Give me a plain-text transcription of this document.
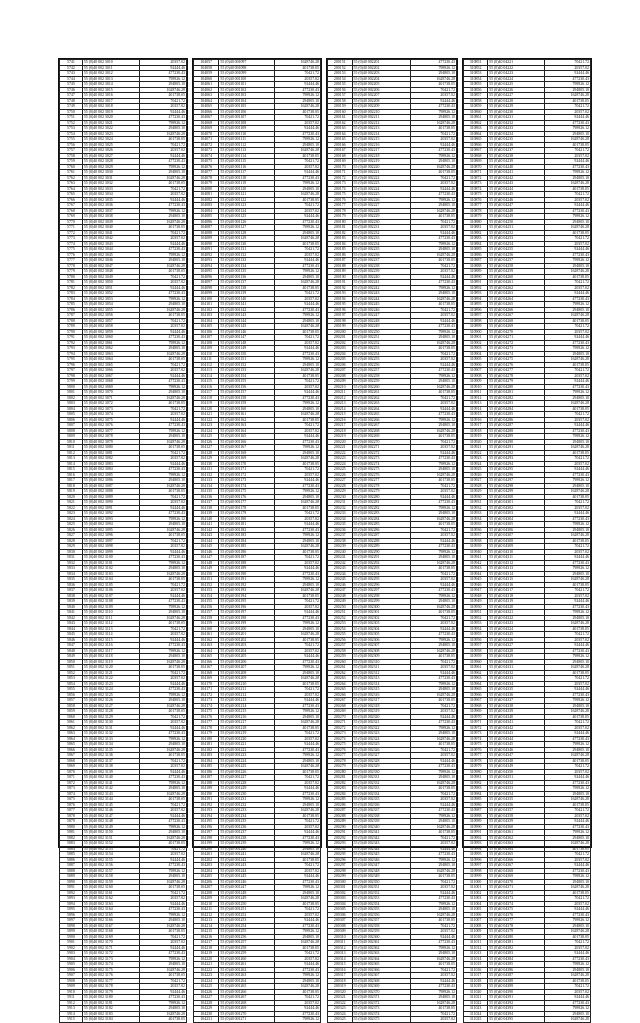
5741	55 (0)40 002 3010	20357.02
5742	55 (0)40 002 3011	92444.46
5743	55 (0)40 002 3012	477230.43
5744	55 (0)40 002 3013	798926.12
5745	55 (0)40 002 3014	294805.10
5746	55 (0)40 002 3015	1628746.28
5747	55 (0)40 002 3016	401738.05
5748	55 (0)40 002 3017	70421.72
5749	55 (0)40 002 3018	20357.02
5750	55 (0)40 002 3019	92444.46
5751	55 (0)40 002 3020	477230.43
5752	55 (0)40 002 3021	798926.12
5753	55 (0)40 002 3022	294805.10
5754	55 (0)40 002 3023	1628746.28
5755	55 (0)40 002 3024	401738.05
5756	55 (0)40 002 3025	70421.72
5757	55 (0)40 002 3026	20357.02
5758	55 (0)40 002 3027	92444.46
5759	55 (0)40 002 3028	477230.43
5760	55 (0)40 002 3029	798926.12
5761	55 (0)40 002 3030	294805.10
5762	55 (0)40 002 3031	1628746.28
5763	55 (0)40 002 3032	401738.05
5764	55 (0)40 002 3033	70421.72
5765	55 (0)40 002 3034	20357.02
5766	55 (0)40 002 3035	92444.46
5767	55 (0)40 002 3036	477230.43
5768	55 (0)40 002 3037	798926.12
5769	55 (0)40 002 3038	294805.10
5770	55 (0)40 002 3039	1628746.28
5771	55 (0)40 002 3040	401738.05
5772	55 (0)40 002 3041	70421.72
5773	55 (0)40 002 3042	20357.02
5774	55 (0)40 002 3043	92444.46
5775	55 (0)40 002 3044	477230.43
5776	55 (0)40 002 3045	798926.12
5777	55 (0)40 002 3046	294805.10
5778	55 (0)40 002 3047	1628746.28
5779	55 (0)40 002 3048	401738.05
5780	55 (0)40 002 3049	70421.72
5781	55 (0)40 002 3050	20357.02
5782	55 (0)40 002 3051	92444.46
5783	55 (0)40 002 3052	477230.43
5784	55 (0)40 002 3053	798926.12
5785	55 (0)40 002 3054	294805.10
5786	55 (0)40 002 3055	1628746.28
5787	55 (0)40 002 3056	401738.05
5788	55 (0)40 002 3057	70421.72
5789	55 (0)40 002 3058	20357.02
5790	55 (0)40 002 3059	92444.46
5791	55 (0)40 002 3060	477230.43
5792	55 (0)40 002 3061	798926.12
5793	55 (0)40 002 3062	294805.10
5794	55 (0)40 002 3063	1628746.28
5795	55 (0)40 002 3064	401738.05
5796	55 (0)40 002 3065	70421.72
5797	55 (0)40 002 3066	20357.02
5798	55 (0)40 002 3067	92444.46
5799	55 (0)40 002 3068	477230.43
5800	55 (0)40 002 3069	798926.12
5801	55 (0)40 002 3070	294805.10
5802	55 (0)40 002 3071	1628746.28
5803	55 (0)40 002 3072	401738.05
5804	55 (0)40 002 3073	70421.72
5805	55 (0)40 002 3074	20357.02
5806	55 (0)40 002 3075	92444.46
5807	55 (0)40 002 3076	477230.43
5808	55 (0)40 002 3077	798926.12
5809	55 (0)40 002 3078	294805.10
5810	55 (0)40 002 3079	1628746.28
5811	55 (0)40 002 3080	401738.05
5812	55 (0)40 002 3081	70421.72
5813	55 (0)40 002 3082	20357.02
5814	55 (0)40 002 3083	92444.46
5815	55 (0)40 002 3084	477230.43
5816	55 (0)40 002 3085	798926.12
5817	55 (0)40 002 3086	294805.10
5818	55 (0)40 002 3087	1628746.28
5819	55 (0)40 002 3088	401738.05
5820	55 (0)40 002 3089	70421.72
5821	55 (0)40 002 3090	20357.02
5822	55 (0)40 002 3091	92444.46
5823	55 (0)40 002 3092	477230.43
5824	55 (0)40 002 3093	798926.12
5825	55 (0)40 002 3094	294805.10
5826	55 (0)40 002 3095	1628746.28
5827	55 (0)40 002 3096	401738.05
5828	55 (0)40 002 3097	70421.72
5829	55 (0)40 002 3098	20357.02
5830	55 (0)40 002 3099	92444.46
5831	55 (0)40 002 3100	477230.43
5832	55 (0)40 002 3101	798926.12
5833	55 (0)40 002 3102	294805.10
5834	55 (0)40 002 3103	1628746.28
5835	55 (0)40 002 3104	401738.05
5836	55 (0)40 002 3105	70421.72
5837	55 (0)40 002 3106	20357.02
5838	55 (0)40 002 3107	92444.46
5839	55 (0)40 002 3108	477230.43
5840	55 (0)40 002 3109	798926.12
5841	55 (0)40 002 3110	294805.10
5842	55 (0)40 002 3111	1628746.28
5843	55 (0)40 002 3112	401738.05
5844	55 (0)40 002 3113	70421.72
5845	55 (0)40 002 3114	20357.02
5846	55 (0)40 002 3115	92444.46
5847	55 (0)40 002 3116	477230.43
5848	55 (0)40 002 3117	798926.12
5849	55 (0)40 002 3118	294805.10
5850	55 (0)40 002 3119	1628746.28
5851	55 (0)40 002 3120	401738.05
5852	55 (0)40 002 3121	70421.72
5853	55 (0)40 002 3122	20357.02
5854	55 (0)40 002 3123	92444.46
5855	55 (0)40 002 3124	477230.43
5856	55 (0)40 002 3125	798926.12
5857	55 (0)40 002 3126	294805.10
5858	55 (0)40 002 3127	1628746.28
5859	55 (0)40 002 3128	401738.05
5860	55 (0)40 002 3129	70421.72
5861	55 (0)40 002 3130	20357.02
5862	55 (0)40 002 3131	92444.46
5863	55 (0)40 002 3132	477230.43
5864	55 (0)40 002 3133	798926.12
5865	55 (0)40 002 3134	294805.10
5866	55 (0)40 002 3135	1628746.28
5867	55 (0)40 002 3136	401738.05
5868	55 (0)40 002 3137	70421.72
5869	55 (0)40 002 3138	20357.02
5870	55 (0)40 002 3139	92444.46
5871	55 (0)40 002 3140	477230.43
5872	55 (0)40 002 3141	798926.12
5873	55 (0)40 002 3142	294805.10
5874	55 (0)40 002 3143	1628746.28
5875	55 (0)40 002 3144	401738.05
5876	55 (0)40 002 3145	70421.72
5877	55 (0)40 002 3146	20357.02
5878	55 (0)40 002 3147	92444.46
5879	55 (0)40 002 3148	477230.43
5880	55 (0)40 002 3149	798926.12
5881	55 (0)40 002 3150	294805.10
5882	55 (0)40 002 3151	1628746.28
5883	55 (0)40 002 3152	401738.05
5884	55 (0)40 002 3153	70421.72
5885	55 (0)40 002 3154	20357.02
5886	55 (0)40 002 3155	92444.46
5887	55 (0)40 002 3156	477230.43
5888	55 (0)40 002 3157	798926.12
5889	55 (0)40 002 3158	294805.10
5890	55 (0)40 002 3159	1628746.28
5891	55 (0)40 002 3160	401738.05
5892	55 (0)40 002 3161	70421.72
5893	55 (0)40 002 3162	20357.02
5894	55 (0)40 002 3163	92444.46
5895	55 (0)40 002 3164	477230.43
5896	55 (0)40 002 3165	798926.12
5897	55 (0)40 002 3166	294805.10
5898	55 (0)40 002 3167	1628746.28
5899	55 (0)40 002 3168	401738.05
5900	55 (0)40 002 3169	70421.72
5901	55 (0)40 002 3170	20357.02
5902	55 (0)40 002 3171	92444.46
5903	55 (0)40 002 3172	477230.43
5904	55 (0)40 002 3173	798926.12
5905	55 (0)40 002 3174	294805.10
5906	55 (0)40 002 3175	1628746.28
5907	55 (0)40 002 3176	401738.05
5908	55 (0)40 002 3177	70421.72
5909	55 (0)40 002 3178	20357.02
5910	55 (0)40 002 3179	92444.46
5911	55 (0)40 002 3180	477230.43
5912	55 (0)40 002 3181	798926.12
5913	55 (0)40 002 3182	294805.10
5914	55 (0)40 002 3183	1628746.28
5915	55 (0)40 002 3184	401738.05
104057	55 (0)40 001097	1628746.28
104058	55 (0)40 001098	401738.05
104059	55 (0)40 001099	70421.72
104060	55 (0)40 001100	20357.02
104061	55 (0)40 001101	92444.46
104062	55 (0)40 001102	477230.43
104063	55 (0)40 001103	798926.12
104064	55 (0)40 001104	294805.10
104065	55 (0)40 001105	1628746.28
104066	55 (0)40 001106	401738.05
104067	55 (0)40 001107	70421.72
104068	55 (0)40 001108	20357.02
104069	55 (0)40 001109	92444.46
104070	55 (0)40 001110	477230.43
104071	55 (0)40 001111	798926.12
104072	55 (0)40 001112	294805.10
104073	55 (0)40 001113	1628746.28
104074	55 (0)40 001114	401738.05
104075	55 (0)40 001115	70421.72
104076	55 (0)40 001116	20357.02
104077	55 (0)40 001117	92444.46
104078	55 (0)40 001118	477230.43
104079	55 (0)40 001119	798926.12
104080	55 (0)40 001120	294805.10
104081	55 (0)40 001121	1628746.28
104082	55 (0)40 001122	401738.05
104083	55 (0)40 001123	70421.72
104084	55 (0)40 001124	20357.02
104085	55 (0)40 001125	92444.46
104086	55 (0)40 001126	477230.43
104087	55 (0)40 001127	798926.12
104088	55 (0)40 001128	294805.10
104089	55 (0)40 001129	1628746.28
104090	55 (0)40 001130	401738.05
104091	55 (0)40 001131	70421.72
104092	55 (0)40 001132	20357.02
104093	55 (0)40 001133	92444.46
104094	55 (0)40 001134	477230.43
104095	55 (0)40 001135	798926.12
104096	55 (0)40 001136	294805.10
104097	55 (0)40 001137	1628746.28
104098	55 (0)40 001138	401738.05
104099	55 (0)40 001139	70421.72
104100	55 (0)40 001140	20357.02
104101	55 (0)40 001141	92444.46
104102	55 (0)40 001142	477230.43
104103	55 (0)40 001143	798926.12
104104	55 (0)40 001144	294805.10
104105	55 (0)40 001145	1628746.28
104106	55 (0)40 001146	401738.05
104107	55 (0)40 001147	70421.72
104108	55 (0)40 001148	20357.02
104109	55 (0)40 001149	92444.46
104110	55 (0)40 001150	477230.43
104111	55 (0)40 001151	798926.12
104112	55 (0)40 001152	294805.10
104113	55 (0)40 001153	1628746.28
104114	55 (0)40 001154	401738.05
104115	55 (0)40 001155	70421.72
104116	55 (0)40 001156	20357.02
104117	55 (0)40 001157	92444.46
104118	55 (0)40 001158	477230.43
104119	55 (0)40 001159	798926.12
104120	55 (0)40 001160	294805.10
104121	55 (0)40 001161	1628746.28
104122	55 (0)40 001162	401738.05
104123	55 (0)40 001163	70421.72
104124	55 (0)40 001164	20357.02
104125	55 (0)40 001165	92444.46
104126	55 (0)40 001166	477230.43
104127	55 (0)40 001167	798926.12
104128	55 (0)40 001168	294805.10
104129	55 (0)40 001169	1628746.28
104130	55 (0)40 001170	401738.05
104131	55 (0)40 001171	70421.72
104132	55 (0)40 001172	20357.02
104133	55 (0)40 001173	92444.46
104134	55 (0)40 001174	477230.43
104135	55 (0)40 001175	798926.12
104136	55 (0)40 001176	294805.10
104137	55 (0)40 001177	1628746.28
104138	55 (0)40 001178	401738.05
104139	55 (0)40 001179	70421.72
104140	55 (0)40 001180	20357.02
104141	55 (0)40 001181	92444.46
104142	55 (0)40 001182	477230.43
104143	55 (0)40 001183	798926.12
104144	55 (0)40 001184	294805.10
104145	55 (0)40 001185	1628746.28
104146	55 (0)40 001186	401738.05
104147	55 (0)40 001187	70421.72
104148	55 (0)40 001188	20357.02
104149	55 (0)40 001189	92444.46
104150	55 (0)40 001190	477230.43
104151	55 (0)40 001191	798926.12
104152	55 (0)40 001192	294805.10
104153	55 (0)40 001193	1628746.28
104154	55 (0)40 001194	401738.05
104155	55 (0)40 001195	70421.72
104156	55 (0)40 001196	20357.02
104157	55 (0)40 001197	92444.46
104158	55 (0)40 001198	477230.43
104159	55 (0)40 001199	798926.12
104160	55 (0)40 001200	294805.10
104161	55 (0)40 001201	1628746.28
104162	55 (0)40 001202	401738.05
104163	55 (0)40 001203	70421.72
104164	55 (0)40 001204	20357.02
104165	55 (0)40 001205	92444.46
104166	55 (0)40 001206	477230.43
104167	55 (0)40 001207	798926.12
104168	55 (0)40 001208	294805.10
104169	55 (0)40 001209	1628746.28
104170	55 (0)40 001210	401738.05
104171	55 (0)40 001211	70421.72
104172	55 (0)40 001212	20357.02
104173	55 (0)40 001213	92444.46
104174	55 (0)40 001214	477230.43
104175	55 (0)40 001215	798926.12
104176	55 (0)40 001216	294805.10
104177	55 (0)40 001217	1628746.28
104178	55 (0)40 001218	401738.05
104179	55 (0)40 001219	70421.72
104180	55 (0)40 001220	20357.02
104181	55 (0)40 001221	92444.46
104182	55 (0)40 001222	477230.43
104183	55 (0)40 001223	798926.12
104184	55 (0)40 001224	294805.10
104185	55 (0)40 001225	1628746.28
104186	55 (0)40 001226	401738.05
104187	55 (0)40 001227	70421.72
104188	55 (0)40 001228	20357.02
104189	55 (0)40 001229	92444.46
104190	55 (0)40 001230	477230.43
104191	55 (0)40 001231	798926.12
104192	55 (0)40 001232	294805.10
104193	55 (0)40 001233	1628746.28
104194	55 (0)40 001234	401738.05
104195	55 (0)40 001235	70421.72
104196	55 (0)40 001236	20357.02
104197	55 (0)40 001237	92444.46
104198	55 (0)40 001238	477230.43
104199	55 (0)40 001239	798926.12
104200	55 (0)40 001240	294805.10
104201	55 (0)40 001241	1628746.28
104202	55 (0)40 001242	401738.05
104203	55 (0)40 001243	70421.72
104204	55 (0)40 001244	20357.02
104205	55 (0)40 001245	92444.46
104206	55 (0)40 001246	477230.43
104207	55 (0)40 001247	798926.12
104208	55 (0)40 001248	294805.10
104209	55 (0)40 001249	1628746.28
104210	55 (0)40 001250	401738.05
104211	55 (0)40 001251	70421.72
104212	55 (0)40 001252	20357.02
104213	55 (0)40 001253	92444.46
104214	55 (0)40 001254	477230.43
104215	55 (0)40 001255	798926.12
104216	55 (0)40 001256	294805.10
104217	55 (0)40 001257	1628746.28
104218	55 (0)40 001258	401738.05
104219	55 (0)40 001259	70421.72
104220	55 (0)40 001260	20357.02
104221	55 (0)40 001261	92444.46
104222	55 (0)40 001262	477230.43
104223	55 (0)40 001263	798926.12
104224	55 (0)40 001264	294805.10
104225	55 (0)40 001265	1628746.28
104226	55 (0)40 001266	401738.05
104227	55 (0)40 001267	70421.72
104228	55 (0)40 001268	20357.02
104229	55 (0)40 001269	92444.46
104230	55 (0)40 001270	477230.43
104231	55 (0)40 001271	798926.12
200151	55 (0)40 002201	477230.43
200152	55 (0)40 002202	798926.12
200153	55 (0)40 002203	294805.10
200154	55 (0)40 002204	1628746.28
200155	55 (0)40 002205	401738.05
200156	55 (0)40 002206	70421.72
200157	55 (0)40 002207	20357.02
200158	55 (0)40 002208	92444.46
200159	55 (0)40 002209	477230.43
200160	55 (0)40 002210	798926.12
200161	55 (0)40 002211	294805.10
200162	55 (0)40 002212	1628746.28
200163	55 (0)40 002213	401738.05
200164	55 (0)40 002214	70421.72
200165	55 (0)40 002215	20357.02
200166	55 (0)40 002216	92444.46
200167	55 (0)40 002217	477230.43
200168	55 (0)40 002218	798926.12
200169	55 (0)40 002219	294805.10
200170	55 (0)40 002220	1628746.28
200171	55 (0)40 002221	401738.05
200172	55 (0)40 002222	70421.72
200173	55 (0)40 002223	20357.02
200174	55 (0)40 002224	92444.46
200175	55 (0)40 002225	477230.43
200176	55 (0)40 002226	798926.12
200177	55 (0)40 002227	294805.10
200178	55 (0)40 002228	1628746.28
200179	55 (0)40 002229	401738.05
200180	55 (0)40 002230	70421.72
200181	55 (0)40 002231	20357.02
200182	55 (0)40 002232	92444.46
200183	55 (0)40 002233	477230.43
200184	55 (0)40 002234	798926.12
200185	55 (0)40 002235	294805.10
200186	55 (0)40 002236	1628746.28
200187	55 (0)40 002237	401738.05
200188	55 (0)40 002238	70421.72
200189	55 (0)40 002239	20357.02
200190	55 (0)40 002240	92444.46
200191	55 (0)40 002241	477230.43
200192	55 (0)40 002242	798926.12
200193	55 (0)40 002243	294805.10
200194	55 (0)40 002244	1628746.28
200195	55 (0)40 002245	401738.05
200196	55 (0)40 002246	70421.72
200197	55 (0)40 002247	20357.02
200198	55 (0)40 002248	92444.46
200199	55 (0)40 002249	477230.43
200200	55 (0)40 002250	798926.12
200201	55 (0)40 002251	294805.10
200202	55 (0)40 002252	1628746.28
200203	55 (0)40 002253	401738.05
200204	55 (0)40 002254	70421.72
200205	55 (0)40 002255	20357.02
200206	55 (0)40 002256	92444.46
200207	55 (0)40 002257	477230.43
200208	55 (0)40 002258	798926.12
200209	55 (0)40 002259	294805.10
200210	55 (0)40 002260	1628746.28
200211	55 (0)40 002261	401738.05
200212	55 (0)40 002262	70421.72
200213	55 (0)40 002263	20357.02
200214	55 (0)40 002264	92444.46
200215	55 (0)40 002265	477230.43
200216	55 (0)40 002266	798926.12
200217	55 (0)40 002267	294805.10
200218	55 (0)40 002268	1628746.28
200219	55 (0)40 002269	401738.05
200220	55 (0)40 002270	70421.72
200221	55 (0)40 002271	20357.02
200222	55 (0)40 002272	92444.46
200223	55 (0)40 002273	477230.43
200224	55 (0)40 002274	798926.12
200225	55 (0)40 002275	294805.10
200226	55 (0)40 002276	1628746.28
200227	55 (0)40 002277	401738.05
200228	55 (0)40 002278	70421.72
200229	55 (0)40 002279	20357.02
200230	55 (0)40 002280	92444.46
200231	55 (0)40 002281	477230.43
200232	55 (0)40 002282	798926.12
200233	55 (0)40 002283	294805.10
200234	55 (0)40 002284	1628746.28
200235	55 (0)40 002285	401738.05
200236	55 (0)40 002286	70421.72
200237	55 (0)40 002287	20357.02
200238	55 (0)40 002288	92444.46
200239	55 (0)40 002289	477230.43
200240	55 (0)40 002290	798926.12
200241	55 (0)40 002291	294805.10
200242	55 (0)40 002292	1628746.28
200243	55 (0)40 002293	401738.05
200244	55 (0)40 002294	70421.72
200245	55 (0)40 002295	20357.02
200246	55 (0)40 002296	92444.46
200247	55 (0)40 002297	477230.43
200248	55 (0)40 002298	798926.12
200249	55 (0)40 002299	294805.10
200250	55 (0)40 002300	1628746.28
200251	55 (0)40 002301	401738.05
200252	55 (0)40 002302	70421.72
200253	55 (0)40 002303	20357.02
200254	55 (0)40 002304	92444.46
200255	55 (0)40 002305	477230.43
200256	55 (0)40 002306	798926.12
200257	55 (0)40 002307	294805.10
200258	55 (0)40 002308	1628746.28
200259	55 (0)40 002309	401738.05
200260	55 (0)40 002310	70421.72
200261	55 (0)40 002311	20357.02
200262	55 (0)40 002312	92444.46
200263	55 (0)40 002313	477230.43
200264	55 (0)40 002314	798926.12
200265	55 (0)40 002315	294805.10
200266	55 (0)40 002316	1628746.28
200267	55 (0)40 002317	401738.05
200268	55 (0)40 002318	70421.72
200269	55 (0)40 002319	20357.02
200270	55 (0)40 002320	92444.46
200271	55 (0)40 002321	477230.43
200272	55 (0)40 002322	798926.12
200273	55 (0)40 002323	294805.10
200274	55 (0)40 002324	1628746.28
200275	55 (0)40 002325	401738.05
200276	55 (0)40 002326	70421.72
200277	55 (0)40 002327	20357.02
200278	55 (0)40 002328	92444.46
200279	55 (0)40 002329	477230.43
200280	55 (0)40 002330	798926.12
200281	55 (0)40 002331	294805.10
200282	55 (0)40 002332	1628746.28
200283	55 (0)40 002333	401738.05
200284	55 (0)40 002334	70421.72
200285	55 (0)40 002335	20357.02
200286	55 (0)40 002336	92444.46
200287	55 (0)40 002337	477230.43
200288	55 (0)40 002338	798926.12
200289	55 (0)40 002339	294805.10
200290	55 (0)40 002340	1628746.28
200291	55 (0)40 002341	401738.05
200292	55 (0)40 002342	70421.72
200293	55 (0)40 002343	20357.02
200294	55 (0)40 002344	92444.46
200295	55 (0)40 002345	477230.43
200296	55 (0)40 002346	798926.12
200297	55 (0)40 002347	294805.10
200298	55 (0)40 002348	1628746.28
200299	55 (0)40 002349	401738.05
200300	55 (0)40 002350	70421.72
200301	55 (0)40 002351	20357.02
200302	55 (0)40 002352	92444.46
200303	55 (0)40 002353	477230.43
200304	55 (0)40 002354	798926.12
200305	55 (0)40 002355	294805.10
200306	55 (0)40 002356	1628746.28
200307	55 (0)40 002357	401738.05
200308	55 (0)40 002358	70421.72
200309	55 (0)40 002359	20357.02
200310	55 (0)40 002360	92444.46
200311	55 (0)40 002361	477230.43
200312	55 (0)40 002362	798926.12
200313	55 (0)40 002363	294805.10
200314	55 (0)40 002364	1628746.28
200315	55 (0)40 002365	401738.05
200316	55 (0)40 002366	70421.72
200317	55 (0)40 002367	20357.02
200318	55 (0)40 002368	92444.46
200319	55 (0)40 002369	477230.43
200320	55 (0)40 002370	798926.12
200321	55 (0)40 002371	294805.10
200322	55 (0)40 002372	1628746.28
200323	55 (0)40 002373	401738.05
200324	55 (0)40 002374	70421.72
200325	55 (0)40 002375	20357.02
310851	55 (0)40 04221	70421.72
310852	55 (0)40 04222	20357.02
310853	55 (0)40 04223	92444.46
310854	55 (0)40 04224	477230.43
310855	55 (0)40 04225	798926.12
310856	55 (0)40 04226	294805.10
310857	55 (0)40 04227	1628746.28
310858	55 (0)40 04228	401738.05
310859	55 (0)40 04229	70421.72
310860	55 (0)40 04230	20357.02
310861	55 (0)40 04231	92444.46
310862	55 (0)40 04232	477230.43
310863	55 (0)40 04233	798926.12
310864	55 (0)40 04234	294805.10
310865	55 (0)40 04235	1628746.28
310866	55 (0)40 04236	401738.05
310867	55 (0)40 04237	70421.72
310868	55 (0)40 04238	20357.02
310869	55 (0)40 04239	92444.46
310870	55 (0)40 04240	477230.43
310871	55 (0)40 04241	798926.12
310872	55 (0)40 04242	294805.10
310873	55 (0)40 04243	1628746.28
310874	55 (0)40 04244	401738.05
310875	55 (0)40 04245	70421.72
310876	55 (0)40 04246	20357.02
310877	55 (0)40 04247	92444.46
310878	55 (0)40 04248	477230.43
310879	55 (0)40 04249	798926.12
310880	55 (0)40 04250	294805.10
310881	55 (0)40 04251	1628746.28
310882	55 (0)40 04252	401738.05
310883	55 (0)40 04253	70421.72
310884	55 (0)40 04254	20357.02
310885	55 (0)40 04255	92444.46
310886	55 (0)40 04256	477230.43
310887	55 (0)40 04257	798926.12
310888	55 (0)40 04258	294805.10
310889	55 (0)40 04259	1628746.28
310890	55 (0)40 04260	401738.05
310891	55 (0)40 04261	70421.72
310892	55 (0)40 04262	20357.02
310893	55 (0)40 04263	92444.46
310894	55 (0)40 04264	477230.43
310895	55 (0)40 04265	798926.12
310896	55 (0)40 04266	294805.10
310897	55 (0)40 04267	1628746.28
310898	55 (0)40 04268	401738.05
310899	55 (0)40 04269	70421.72
310900	55 (0)40 04270	20357.02
310901	55 (0)40 04271	92444.46
310902	55 (0)40 04272	477230.43
310903	55 (0)40 04273	798926.12
310904	55 (0)40 04274	294805.10
310905	55 (0)40 04275	1628746.28
310906	55 (0)40 04276	401738.05
310907	55 (0)40 04277	70421.72
310908	55 (0)40 04278	20357.02
310909	55 (0)40 04279	92444.46
310910	55 (0)40 04280	477230.43
310911	55 (0)40 04281	798926.12
310912	55 (0)40 04282	294805.10
310913	55 (0)40 04283	1628746.28
310914	55 (0)40 04284	401738.05
310915	55 (0)40 04285	70421.72
310916	55 (0)40 04286	20357.02
310917	55 (0)40 04287	92444.46
310918	55 (0)40 04288	477230.43
310919	55 (0)40 04289	798926.12
310920	55 (0)40 04290	294805.10
310921	55 (0)40 04291	1628746.28
310922	55 (0)40 04292	401738.05
310923	55 (0)40 04293	70421.72
310924	55 (0)40 04294	20357.02
310925	55 (0)40 04295	92444.46
310926	55 (0)40 04296	477230.43
310927	55 (0)40 04297	798926.12
310928	55 (0)40 04298	294805.10
310929	55 (0)40 04299	1628746.28
310930	55 (0)40 04300	401738.05
310931	55 (0)40 04301	70421.72
310932	55 (0)40 04302	20357.02
310933	55 (0)40 04303	92444.46
310934	55 (0)40 04304	477230.43
310935	55 (0)40 04305	798926.12
310936	55 (0)40 04306	294805.10
310937	55 (0)40 04307	1628746.28
310938	55 (0)40 04308	401738.05
310939	55 (0)40 04309	70421.72
310940	55 (0)40 04310	20357.02
310941	55 (0)40 04311	92444.46
310942	55 (0)40 04312	477230.43
310943	55 (0)40 04313	798926.12
310944	55 (0)40 04314	294805.10
310945	55 (0)40 04315	1628746.28
310946	55 (0)40 04316	401738.05
310947	55 (0)40 04317	70421.72
310948	55 (0)40 04318	20357.02
310949	55 (0)40 04319	92444.46
310950	55 (0)40 04320	477230.43
310951	55 (0)40 04321	798926.12
310952	55 (0)40 04322	294805.10
310953	55 (0)40 04323	1628746.28
310954	55 (0)40 04324	401738.05
310955	55 (0)40 04325	70421.72
310956	55 (0)40 04326	20357.02
310957	55 (0)40 04327	92444.46
310958	55 (0)40 04328	477230.43
310959	55 (0)40 04329	798926.12
310960	55 (0)40 04330	294805.10
310961	55 (0)40 04331	1628746.28
310962	55 (0)40 04332	401738.05
310963	55 (0)40 04333	70421.72
310964	55 (0)40 04334	20357.02
310965	55 (0)40 04335	92444.46
310966	55 (0)40 04336	477230.43
310967	55 (0)40 04337	798926.12
310968	55 (0)40 04338	294805.10
310969	55 (0)40 04339	1628746.28
310970	55 (0)40 04340	401738.05
310971	55 (0)40 04341	70421.72
310972	55 (0)40 04342	20357.02
310973	55 (0)40 04343	92444.46
310974	55 (0)40 04344	477230.43
310975	55 (0)40 04345	798926.12
310976	55 (0)40 04346	294805.10
310977	55 (0)40 04347	1628746.28
310978	55 (0)40 04348	401738.05
310979	55 (0)40 04349	70421.72
310980	55 (0)40 04350	20357.02
310981	55 (0)40 04351	92444.46
310982	55 (0)40 04352	477230.43
310983	55 (0)40 04353	798926.12
310984	55 (0)40 04354	294805.10
310985	55 (0)40 04355	1628746.28
310986	55 (0)40 04356	401738.05
310987	55 (0)40 04357	70421.72
310988	55 (0)40 04358	20357.02
310989	55 (0)40 04359	92444.46
310990	55 (0)40 04360	477230.43
310991	55 (0)40 04361	798926.12
310992	55 (0)40 04362	294805.10
310993	55 (0)40 04363	1628746.28
310994	55 (0)40 04364	401738.05
310995	55 (0)40 04365	70421.72
310996	55 (0)40 04366	20357.02
310997	55 (0)40 04367	92444.46
310998	55 (0)40 04368	477230.43
310999	55 (0)40 04369	798926.12
311000	55 (0)40 04370	294805.10
311001	55 (0)40 04371	1628746.28
311002	55 (0)40 04372	401738.05
311003	55 (0)40 04373	70421.72
311004	55 (0)40 04374	20357.02
311005	55 (0)40 04375	92444.46
311006	55 (0)40 04376	477230.43
311007	55 (0)40 04377	798926.12
311008	55 (0)40 04378	294805.10
311009	55 (0)40 04379	1628746.28
311010	55 (0)40 04380	401738.05
311011	55 (0)40 04381	70421.72
311012	55 (0)40 04382	20357.02
311013	55 (0)40 04383	92444.46
311014	55 (0)40 04384	477230.43
311015	55 (0)40 04385	798926.12
311016	55 (0)40 04386	294805.10
311017	55 (0)40 04387	1628746.28
311018	55 (0)40 04388	401738.05
311019	55 (0)40 04389	70421.72
311020	55 (0)40 04390	20357.02
311021	55 (0)40 04391	92444.46
311022	55 (0)40 04392	477230.43
311023	55 (0)40 04393	798926.12
311024	55 (0)40 04394	294805.10
311025	55 (0)40 04395	1628746.28
